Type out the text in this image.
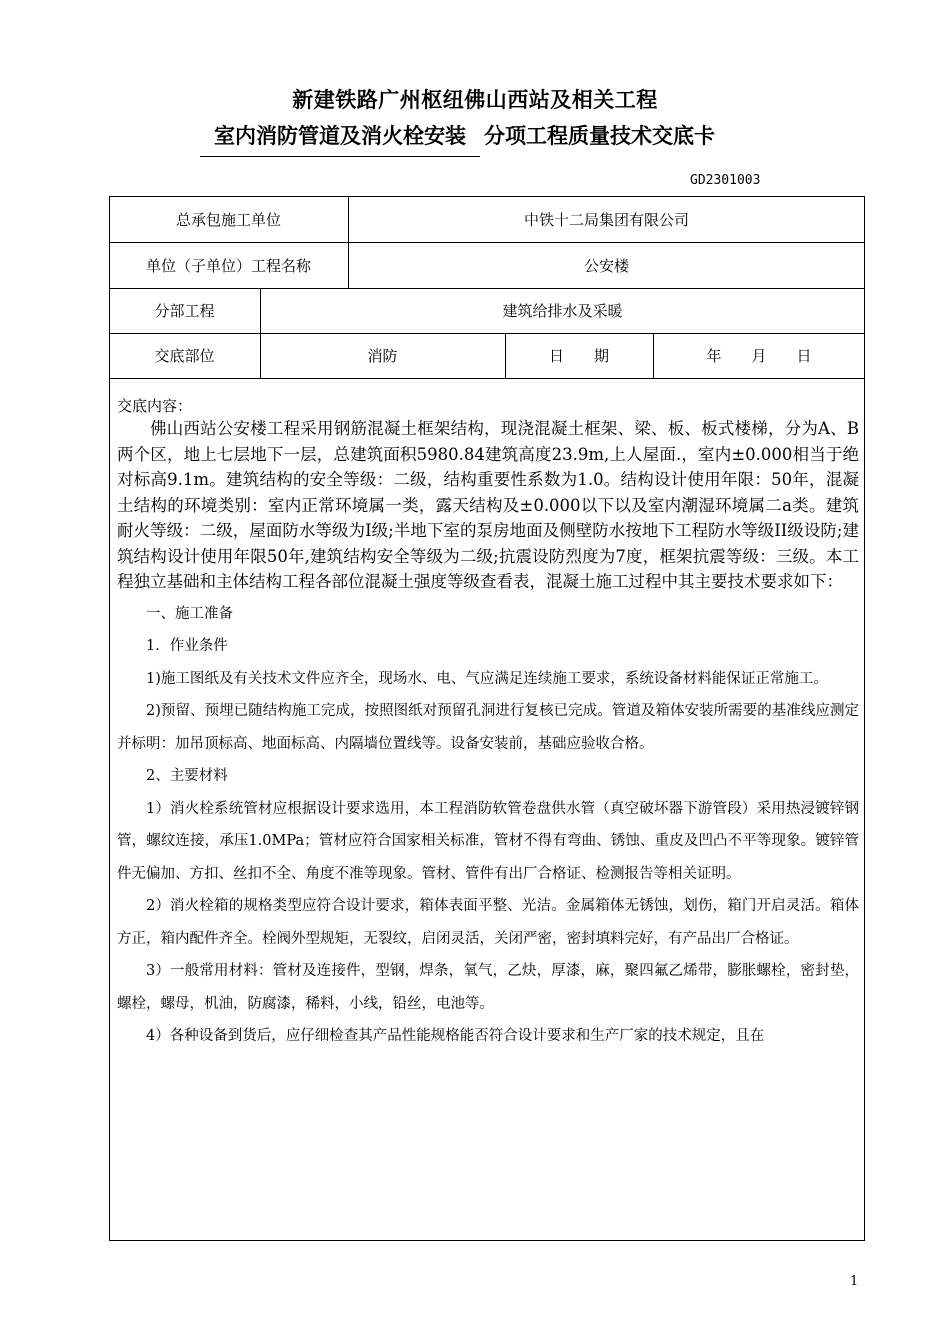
新建铁路广州枢纽佛山西站及相关工程
室内消防管道及消火栓安装 分项工程质量技术交底卡
GD2301003
总承包施工单位	中铁十二局集团有限公司
单位（子单位）工程名称	公安楼
分部工程	建筑给排水及采暖
交底部位	消防	日　　期	年　　月　　日
交底内容：

佛山西站公安楼工程采用钢筋混凝土框架结构，现浇混凝土框架、梁、板、板式楼梯，分为A、B两个区，地上七层地下一层，总建筑面积5980.84建筑高度23.9m,上人屋面.，室内±0.000相当于绝对标高9.1m。建筑结构的安全等级：二级，结构重要性系数为1.0。结构设计使用年限：50年，混凝土结构的环境类别：室内正常环境属一类，露天结构及±0.000以下以及室内潮湿环境属二a类。建筑耐火等级：二级，屋面防水等级为Ⅰ级;半地下室的泵房地面及侧壁防水按地下工程防水等级II级设防;建筑结构设计使用年限50年,建筑结构安全等级为二级;抗震设防烈度为7度，框架抗震等级：三级。本工程独立基础和主体结构工程各部位混凝土强度等级查看表，混凝土施工过程中其主要技术要求如下：

一、施工准备

1．作业条件

1)施工图纸及有关技术文件应齐全，现场水、电、气应满足连续施工要求，系统设备材料能保证正常施工。

2)预留、预埋已随结构施工完成，按照图纸对预留孔洞进行复核已完成。管道及箱体安装所需要的基准线应测定并标明：加吊顶标高、地面标高、内隔墙位置线等。设备安装前，基础应验收合格。

2、主要材料

1）消火栓系统管材应根据设计要求选用，本工程消防软管卷盘供水管（真空破坏器下游管段）采用热浸镀锌钢管，螺纹连接，承压1.0MPa；管材应符合国家相关标准，管材不得有弯曲、锈蚀、重皮及凹凸不平等现象。镀锌管件无偏加、方扣、丝扣不全、角度不准等现象。管材、管件有出厂合格证、检测报告等相关证明。

2）消火栓箱的规格类型应符合设计要求，箱体表面平整、光洁。金属箱体无锈蚀，划伤，箱门开启灵活。箱体方正，箱内配件齐全。栓阀外型规矩，无裂纹，启闭灵活，关闭严密，密封填料完好，有产品出厂合格证。

3）一般常用材料：管材及连接件，型钢，焊条，氧气，乙炔，厚漆，麻，聚四氟乙烯带，膨胀螺栓，密封垫，螺栓，螺母，机油，防腐漆，稀料，小线，铅丝，电池等。

4）各种设备到货后，应仔细检查其产品性能规格能否符合设计要求和生产厂家的技术规定，且在

1
